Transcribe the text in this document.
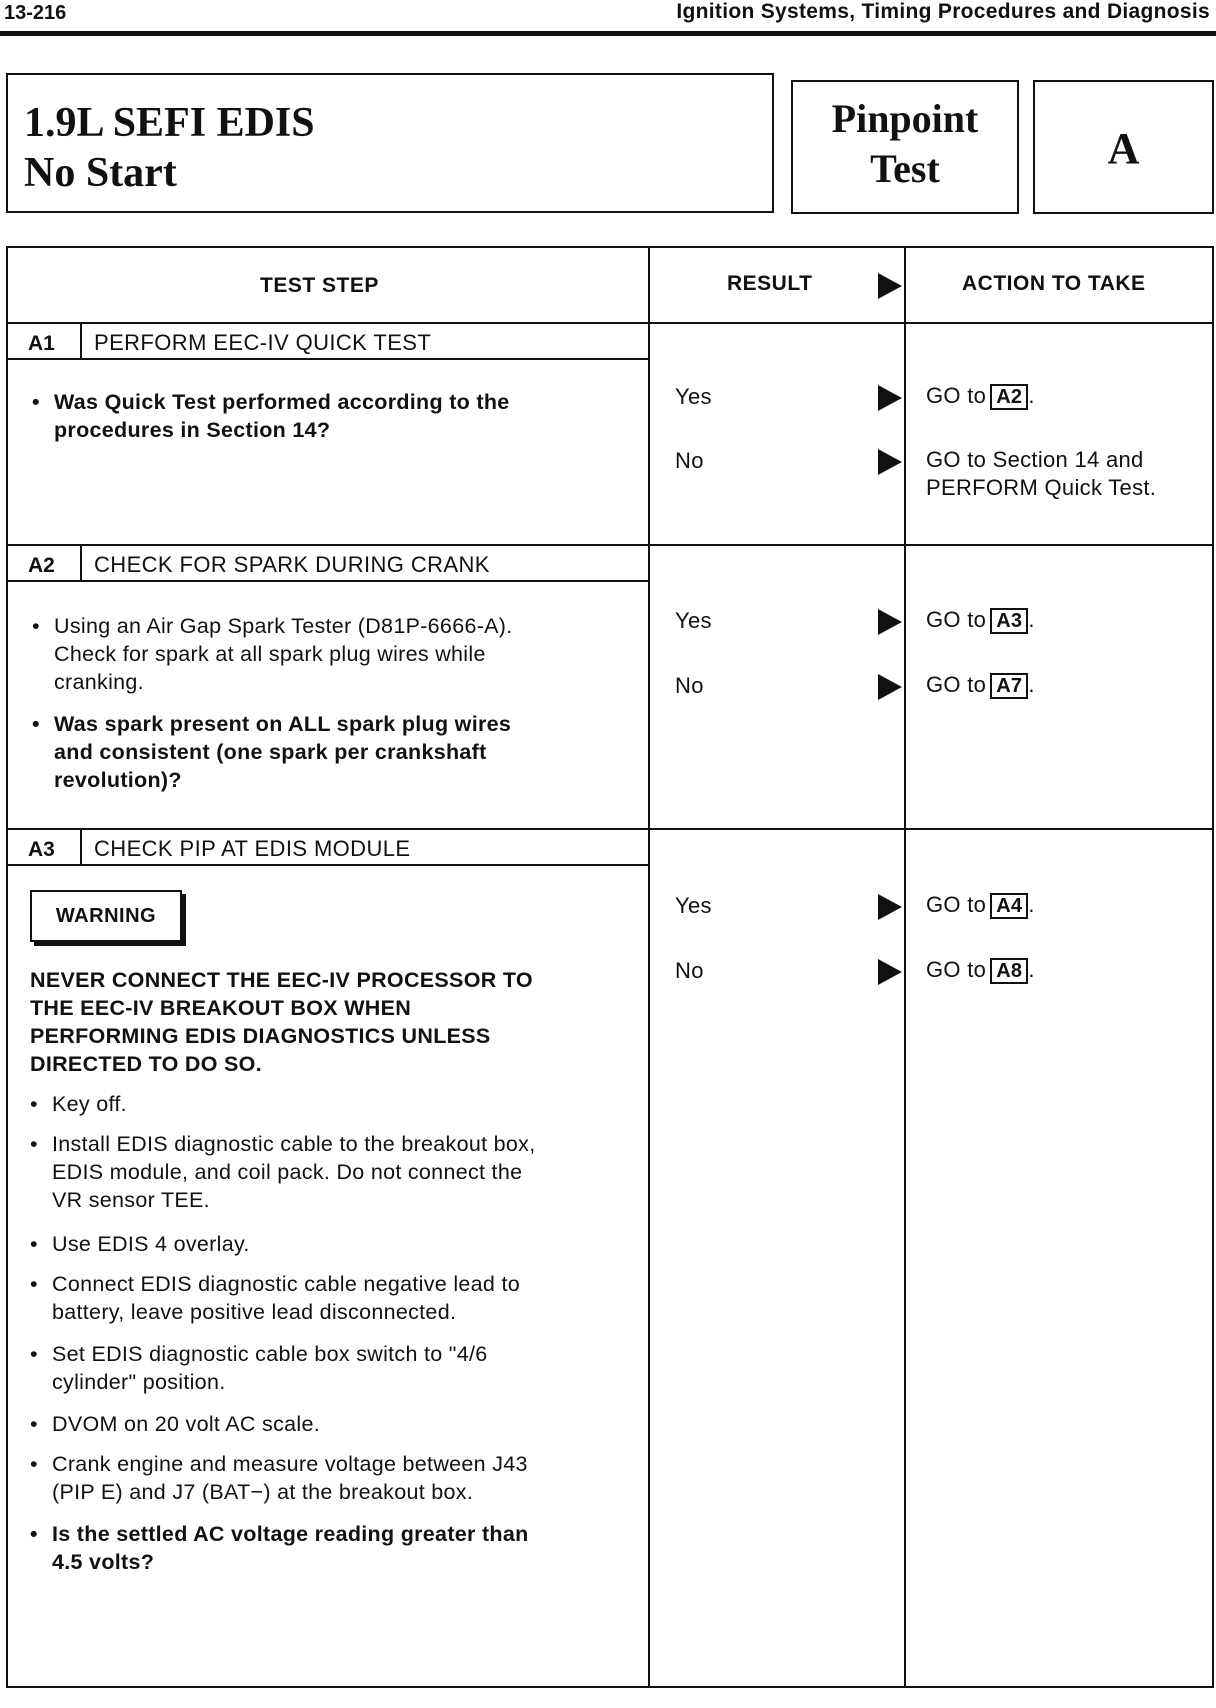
13-216	Ignition Systems, Timing Procedures and Diagnosis
1.9L SEFI EDIS
No Start
Pinpoint
Test	A
TEST STEP	RESULT	ACTION TO TAKE
A1 PERFORM EEC-IV QUICK TEST
• Was Quick Test performed according to the
procedures in Section 14?
Yes	GO to A2 .
No	GO to Section 14 and
PERFORM Quick Test.
A2 CHECK FOR SPARK DURING CRANK
• Using an Air Gap Spark Tester (D81P-6666-A).
Check for spark at all spark plug wires while
cranking.
• Was spark present on ALL spark plug wires
and consistent (one spark per crankshaft
revolution)?
Yes	GO to A3 .
No	GO to A7 .
A3 CHECK PIP AT EDIS MODULE
WARNING
NEVER CONNECT THE EEC-IV PROCESSOR TO
THE EEC-IV BREAKOUT BOX WHEN
PERFORMING EDIS DIAGNOSTICS UNLESS
DIRECTED TO DO SO.
• Key off.
• Install EDIS diagnostic cable to the breakout box,
EDIS module, and coil pack. Do not connect the
VR sensor TEE.
• Use EDIS 4 overlay.
• Connect EDIS diagnostic cable negative lead to
battery, leave positive lead disconnected.
• Set EDIS diagnostic cable box switch to "4/6
cylinder" position.
• DVOM on 20 volt AC scale.
• Crank engine and measure voltage between J43
(PIP E) and J7 (BAT−) at the breakout box.
• Is the settled AC voltage reading greater than
4.5 volts?
Yes	GO to A4 .
No	GO to A8 .
